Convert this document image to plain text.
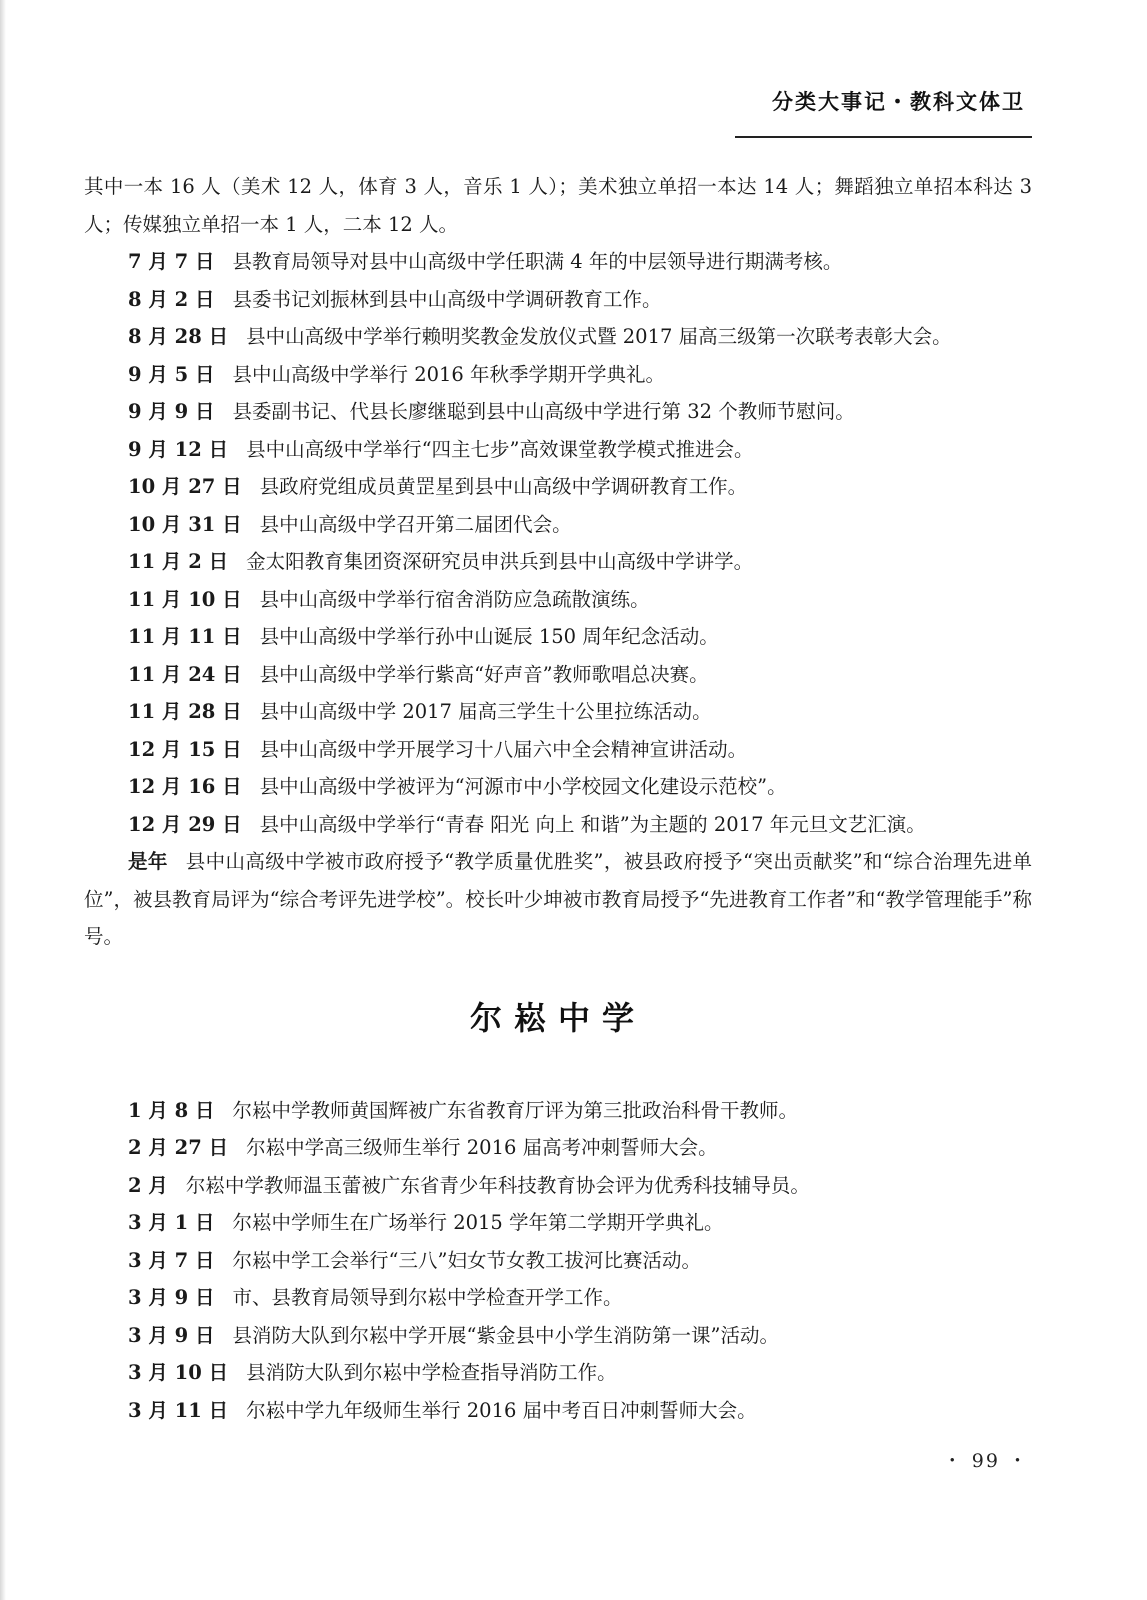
分类大事记・教科文体卫

其中一本 16 人（美术 12 人，体育 3 人，音乐 1 人）；美术独立单招一本达 14 人；舞蹈独立单招本科达 3 人；传媒独立单招一本 1 人，二本 12 人。

7 月 7 日 县教育局领导对县中山高级中学任职满 4 年的中层领导进行期满考核。

8 月 2 日 县委书记刘振林到县中山高级中学调研教育工作。

8 月 28 日 县中山高级中学举行赖明奖教金发放仪式暨 2017 届高三级第一次联考表彰大会。

9 月 5 日 县中山高级中学举行 2016 年秋季学期开学典礼。

9 月 9 日 县委副书记、代县长廖继聪到县中山高级中学进行第 32 个教师节慰问。

9 月 12 日 县中山高级中学举行“四主七步”高效课堂教学模式推进会。

10 月 27 日 县政府党组成员黄罡星到县中山高级中学调研教育工作。

10 月 31 日 县中山高级中学召开第二届团代会。

11 月 2 日 金太阳教育集团资深研究员申洪兵到县中山高级中学讲学。

11 月 10 日 县中山高级中学举行宿舍消防应急疏散演练。

11 月 11 日 县中山高级中学举行孙中山诞辰 150 周年纪念活动。

11 月 24 日 县中山高级中学举行紫高“好声音”教师歌唱总决赛。

11 月 28 日 县中山高级中学 2017 届高三学生十公里拉练活动。

12 月 15 日 县中山高级中学开展学习十八届六中全会精神宣讲活动。

12 月 16 日 县中山高级中学被评为“河源市中小学校园文化建设示范校”。

12 月 29 日 县中山高级中学举行“青春 阳光 向上 和谐”为主题的 2017 年元旦文艺汇演。

是年 县中山高级中学被市政府授予“教学质量优胜奖”，被县政府授予“突出贡献奖”和“综合治理先进单位”，被县教育局评为“综合考评先进学校”。校长叶少坤被市教育局授予“先进教育工作者”和“教学管理能手”称号。

尔崧中学

1 月 8 日 尔崧中学教师黄国辉被广东省教育厅评为第三批政治科骨干教师。

2 月 27 日 尔崧中学高三级师生举行 2016 届高考冲刺誓师大会。

2 月 尔崧中学教师温玉蕾被广东省青少年科技教育协会评为优秀科技辅导员。

3 月 1 日 尔崧中学师生在广场举行 2015 学年第二学期开学典礼。

3 月 7 日 尔崧中学工会举行“三八”妇女节女教工拔河比赛活动。

3 月 9 日 市、县教育局领导到尔崧中学检查开学工作。

3 月 9 日 县消防大队到尔崧中学开展“紫金县中小学生消防第一课”活动。

3 月 10 日 县消防大队到尔崧中学检查指导消防工作。

3 月 11 日 尔崧中学九年级师生举行 2016 届中考百日冲刺誓师大会。

・ 99 ・
